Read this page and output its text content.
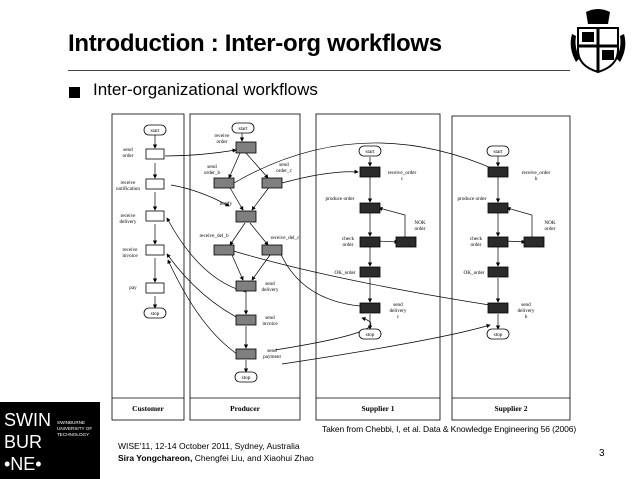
Introduction : Inter-org workflows
Inter-organizational workflows
Customer	Producer	Supplier 1	Supplier 2
start
send
order
receive
notification
receive
delivery
receive
invoice
pay
stop
start
receive
order
send
order_b
send
order_c
notify
receive_del_b	receive_del_c
send
delivery
send
invoice
send
payment
stop
start
receive_order
c
produce order
NOK
order
check
order
OK_order
send
delivery
c
stop
start
receive_order
b
produce order
NOK
order
check
order
OK_order
send
delivery
b
stop
Taken from Chebbi, I, et al. Data & Knowledge Engineering 56 (2006)
SWIN
BUR
•NE•
SWINBURNE
UNIVERSITY OF
TECHNOLOGY
WISE'11, 12-14 October 2011, Sydney, Australia
Sira Yongchareon, Chengfei Liu, and Xiaohui Zhao	3
